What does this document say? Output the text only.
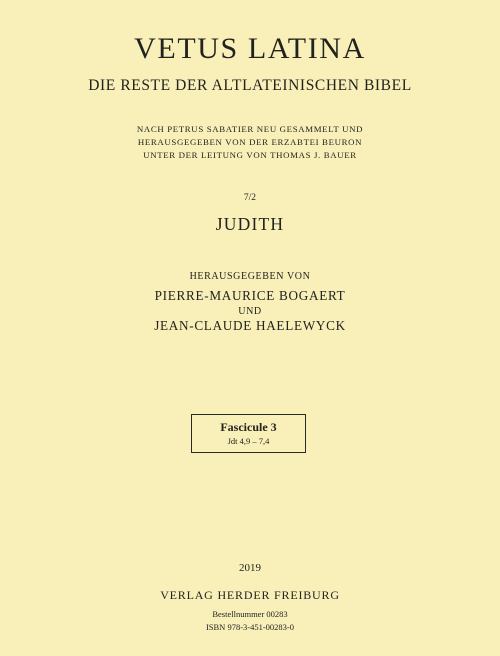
VETUS LATINA
DIE RESTE DER ALTLATEINISCHEN BIBEL
NACH PETRUS SABATIER NEU GESAMMELT UND
HERAUSGEGEBEN VON DER ERZABTEI BEURON
UNTER DER LEITUNG VON THOMAS J. BAUER
7/2
JUDITH
HERAUSGEGEBEN VON
PIERRE-MAURICE BOGAERT
UND
JEAN-CLAUDE HAELEWYCK
Fascicule 3
Jdt 4,9 – 7,4
2019
VERLAG HERDER FREIBURG
Bestellnummer 00283
ISBN 978-3-451-00283-0
